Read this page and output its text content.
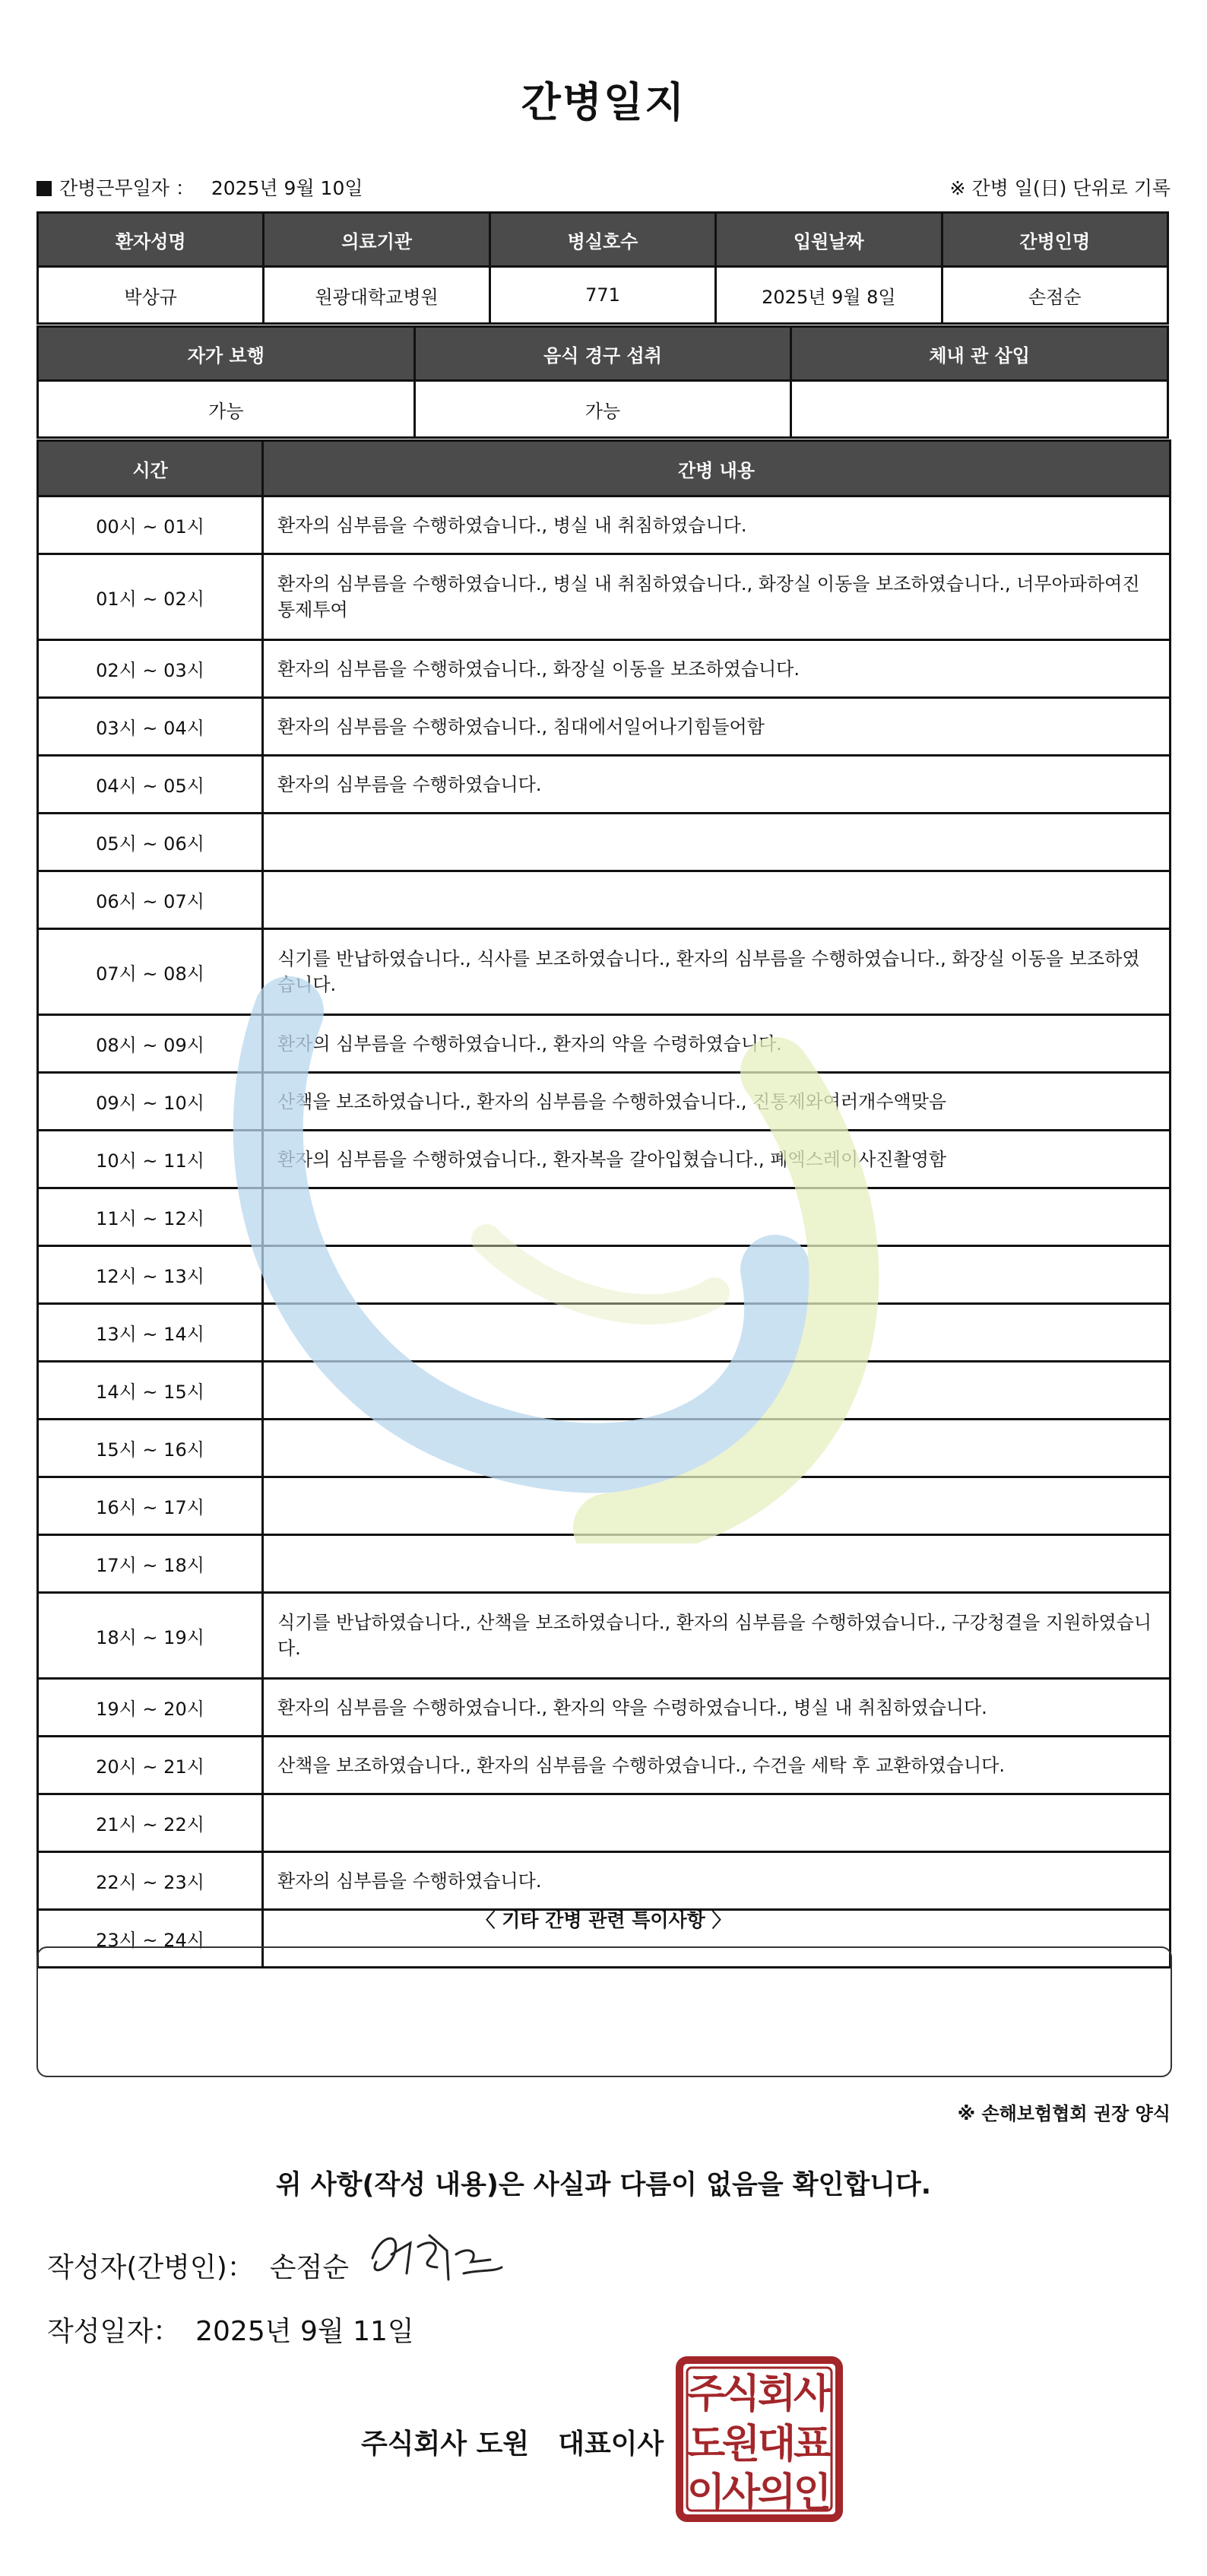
간병일지
간병근무일자 ： 2025년 9월 10일	※ 간병 일(日) 단위로 기록
환자성명	의료기관	병실호수	입원날짜	간병인명
박상규	원광대학교병원	771	2025년 9월 8일	손점순
자가 보행	음식 경구 섭취	체내 관 삽입
가능	가능	
시간	간병 내용
00시 ~ 01시	환자의 심부름을 수행하였습니다., 병실 내 취침하였습니다.
01시 ~ 02시	환자의 심부름을 수행하였습니다., 병실 내 취침하였습니다., 화장실 이동을 보조하였습니다., 너무아파하여진통제투여
02시 ~ 03시	환자의 심부름을 수행하였습니다., 화장실 이동을 보조하였습니다.
03시 ~ 04시	환자의 심부름을 수행하였습니다., 침대에서일어나기힘들어함
04시 ~ 05시	환자의 심부름을 수행하였습니다.
05시 ~ 06시	
06시 ~ 07시	
07시 ~ 08시	식기를 반납하였습니다., 식사를 보조하였습니다., 환자의 심부름을 수행하였습니다., 화장실 이동을 보조하였습니다.
08시 ~ 09시	환자의 심부름을 수행하였습니다., 환자의 약을 수령하였습니다.
09시 ~ 10시	산책을 보조하였습니다., 환자의 심부름을 수행하였습니다., 진통제와여러개수액맞음
10시 ~ 11시	환자의 심부름을 수행하였습니다., 환자복을 갈아입혔습니다., 폐엑스레이사진촬영함
11시 ~ 12시	
12시 ~ 13시	
13시 ~ 14시	
14시 ~ 15시	
15시 ~ 16시	
16시 ~ 17시	
17시 ~ 18시	
18시 ~ 19시	식기를 반납하였습니다., 산책을 보조하였습니다., 환자의 심부름을 수행하였습니다., 구강청결을 지원하였습니다.
19시 ~ 20시	환자의 심부름을 수행하였습니다., 환자의 약을 수령하였습니다., 병실 내 취침하였습니다.
20시 ~ 21시	산책을 보조하였습니다., 환자의 심부름을 수행하였습니다., 수건을 세탁 후 교환하였습니다.
21시 ~ 22시	
22시 ~ 23시	환자의 심부름을 수행하였습니다.
23시 ~ 24시	
〈 기타 간병 관련 특이사항 〉
※ 손해보험협회 권장 양식
위 사항(작성 내용)은 사실과 다름이 없음을 확인합니다.
작성자(간병인)： 손점순
작성일자： 2025년 9월 11일
주식회사 도원 대표이사
주
식
회
사
도
원
대
표
이
사
의
인
